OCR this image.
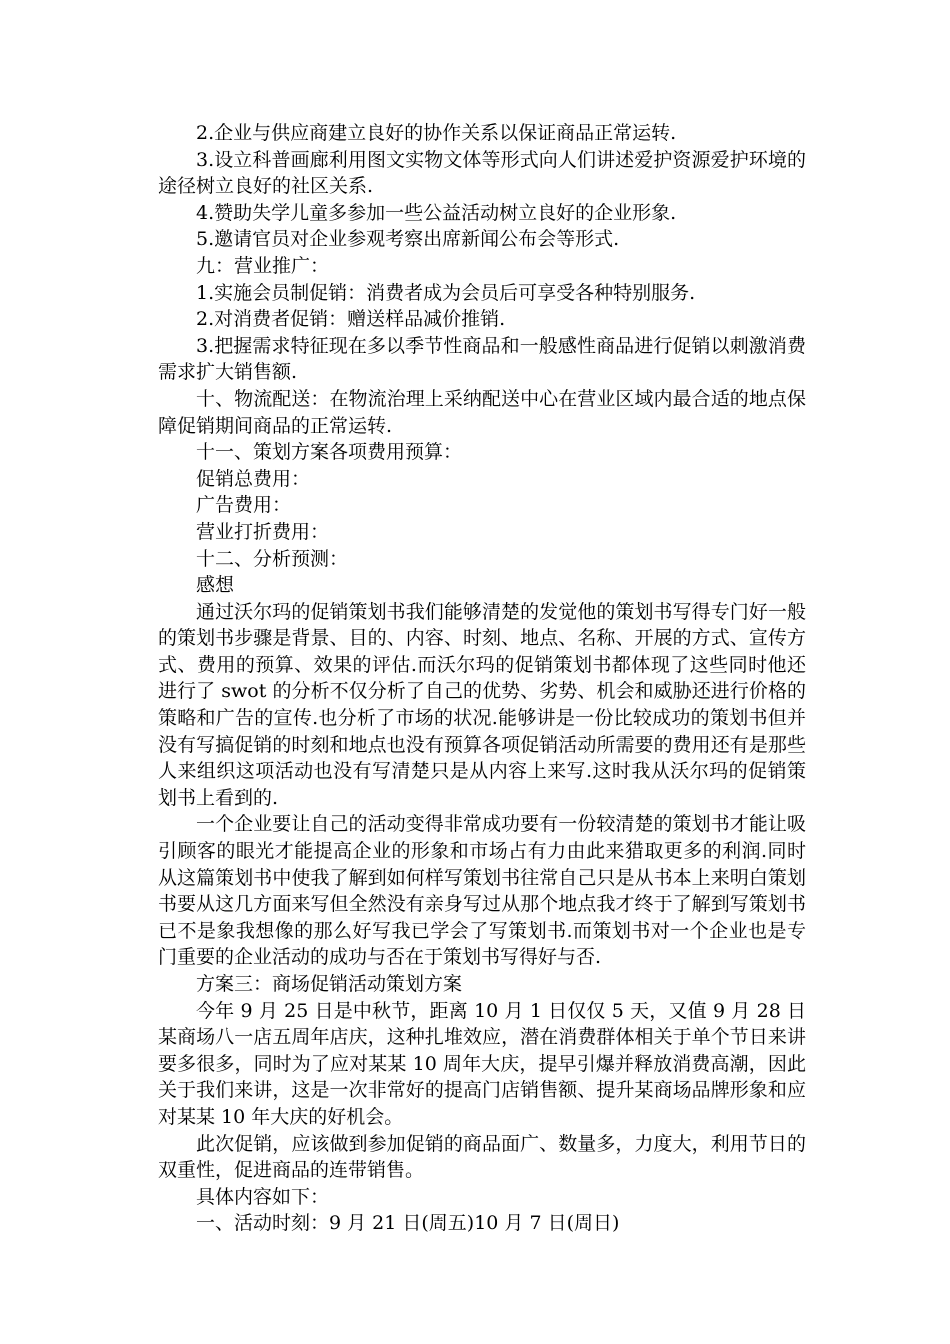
2.企业与供应商建立良好的协作关系以保证商品正常运转.

3.设立科普画廊利用图文实物文体等形式向人们讲述爱护资源爱护环境的途径树立良好的社区关系.

4.赞助失学儿童多参加一些公益活动树立良好的企业形象.

5.邀请官员对企业参观考察出席新闻公布会等形式.

九：营业推广：

1.实施会员制促销：消费者成为会员后可享受各种特别服务.

2.对消费者促销：赠送样品减价推销.

3.把握需求特征现在多以季节性商品和一般感性商品进行促销以刺激消费需求扩大销售额.

十、物流配送：在物流治理上采纳配送中心在营业区域内最合适的地点保障促销期间商品的正常运转.

十一、策划方案各项费用预算：

促销总费用：

广告费用：

营业打折费用：

十二、分析预测：

感想

通过沃尔玛的促销策划书我们能够清楚的发觉他的策划书写得专门好一般的策划书步骤是背景、目的、内容、时刻、地点、名称、开展的方式、宣传方式、费用的预算、效果的评估.而沃尔玛的促销策划书都体现了这些同时他还进行了 swot 的分析不仅分析了自己的优势、劣势、机会和威胁还进行价格的策略和广告的宣传.也分析了市场的状况.能够讲是一份比较成功的策划书但并没有写搞促销的时刻和地点也没有预算各项促销活动所需要的费用还有是那些人来组织这项活动也没有写清楚只是从内容上来写.这时我从沃尔玛的促销策划书上看到的.

一个企业要让自己的活动变得非常成功要有一份较清楚的策划书才能让吸引顾客的眼光才能提高企业的形象和市场占有力由此来猎取更多的利润.同时从这篇策划书中使我了解到如何样写策划书往常自己只是从书本上来明白策划书要从这几方面来写但全然没有亲身写过从那个地点我才终于了解到写策划书已不是象我想像的那么好写我已学会了写策划书.而策划书对一个企业也是专门重要的企业活动的成功与否在于策划书写得好与否.

方案三：商场促销活动策划方案

今年 9 月 25 日是中秋节，距离 10 月 1 日仅仅 5 天，又值 9 月 28 日某商场八一店五周年店庆，这种扎堆效应，潜在消费群体相关于单个节日来讲要多很多，同时为了应对某某 10 周年大庆，提早引爆并释放消费高潮，因此关于我们来讲，这是一次非常好的提高门店销售额、提升某商场品牌形象和应对某某 10 年大庆的好机会。

此次促销，应该做到参加促销的商品面广、数量多，力度大，利用节日的双重性，促进商品的连带销售。

具体内容如下：

一、活动时刻：9 月 21 日(周五)10 月 7 日(周日)
